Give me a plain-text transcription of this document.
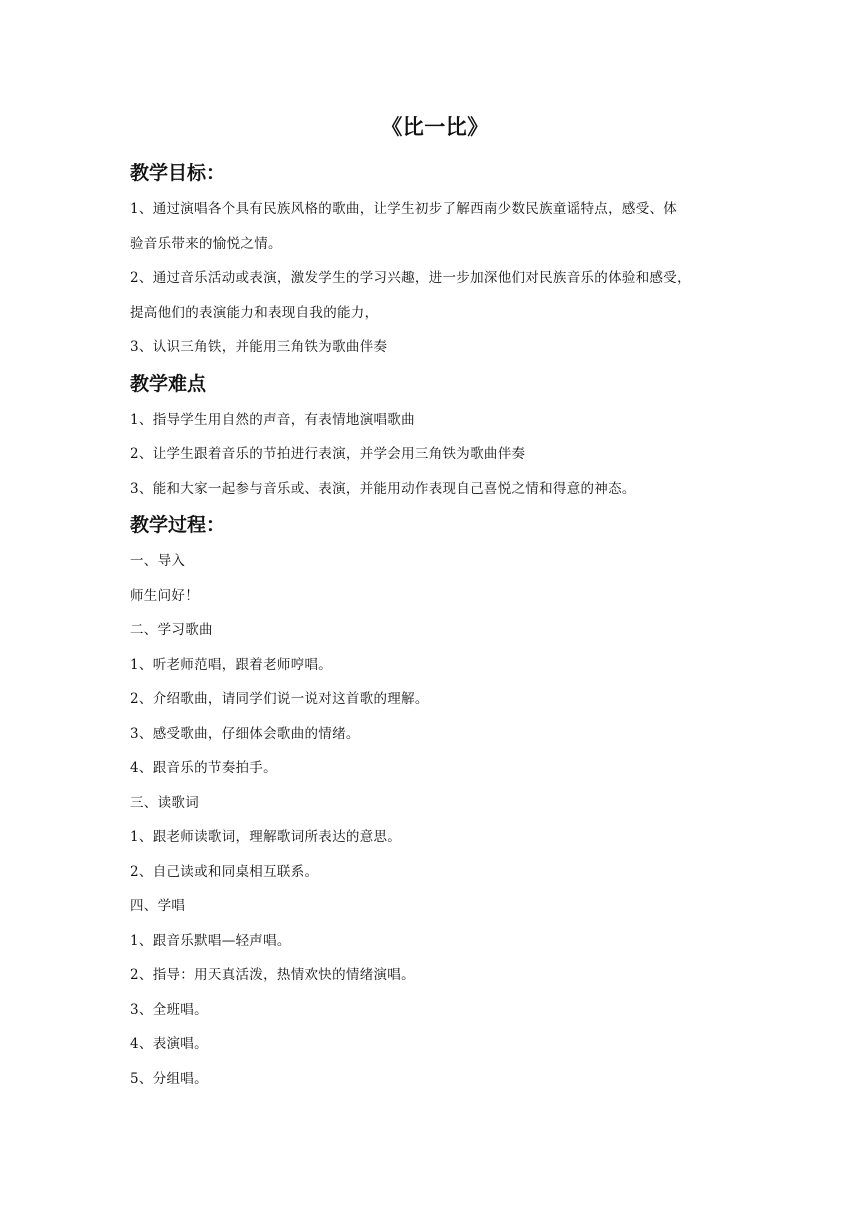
《比一比》
教学目标：

1、通过演唱各个具有民族风格的歌曲，让学生初步了解西南少数民族童谣特点，感受、体

验音乐带来的愉悦之情。

2、通过音乐活动或表演，激发学生的学习兴趣，进一步加深他们对民族音乐的体验和感受，

提高他们的表演能力和表现自我的能力，

3、认识三角铁，并能用三角铁为歌曲伴奏

教学难点

1、指导学生用自然的声音，有表情地演唱歌曲

2、让学生跟着音乐的节拍进行表演，并学会用三角铁为歌曲伴奏

3、能和大家一起参与音乐或、表演，并能用动作表现自己喜悦之情和得意的神态。

教学过程：

一、导入

师生问好！

二、学习歌曲

1、听老师范唱，跟着老师哼唱。

2、介绍歌曲，请同学们说一说对这首歌的理解。

3、感受歌曲，仔细体会歌曲的情绪。

4、跟音乐的节奏拍手。

三、读歌词

1、跟老师读歌词，理解歌词所表达的意思。

2、自己读或和同桌相互联系。

四、学唱

1、跟音乐默唱—轻声唱。

2、指导：用天真活泼，热情欢快的情绪演唱。

3、全班唱。

4、表演唱。

5、分组唱。
